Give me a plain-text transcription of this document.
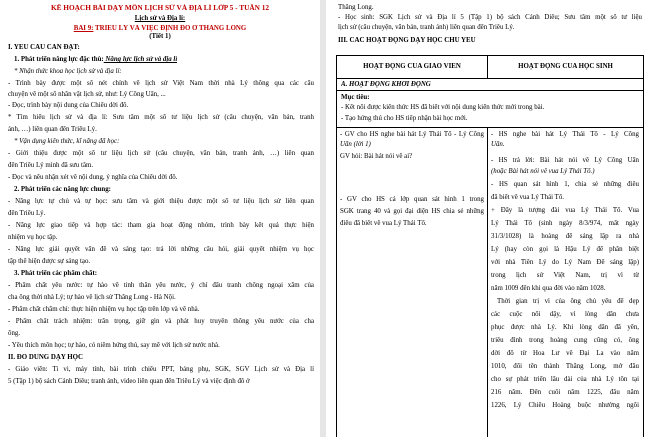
KẾ HOẠCH BÀI DẠY MÔN LỊCH SỬ VÀ ĐỊA LÍ LỚP 5 - TUẦN 12
Lịch sử và Địa lí:
BÀI 9: TRIỀU LÝ VÀ VIỆC ĐỊNH ĐÔ Ở THĂNG LONG
(Tiết 1)
I. YÊU CẦU CẦN ĐẠT:
1. Phát triển năng lực đặc thù: Năng lực lịch sử và địa lí
* Nhận thức khoa học lịch sử và địa lí:
- Trình bày được một số nét chính về lịch sử Việt Nam thời nhà Lý thông qua các câu
chuyện về một số nhân vật lịch sử, như: Lý Công Uẩn, ...
- Đọc, trình bày nội dung của Chiếu dời đô.
* Tìm hiểu lịch sử và địa lí: Sưu tầm một số tư liệu lịch sử (câu chuyện, văn bản, tranh
ảnh, …) liên quan đến Triều Lý.
* Vận dụng kiến thức, kĩ năng đã học:
- Giới thiệu được một số tư liệu lịch sử (câu chuyện, văn bản, tranh ảnh, …) liên quan
đến Triều Lý mình đã sưu tầm.
- Đọc và nêu nhận xét về nội dung, ý nghĩa của Chiếu dời đô.
2. Phát triển các năng lực chung:
- Năng lực tự chủ và tự học: sưu tầm và giới thiệu được một số tư liệu lịch sử liên quan
đến Triều Lý.
- Năng lực giao tiếp và hợp tác: tham gia hoạt động nhóm, trình bày kết quả thực hiện
nhiệm vụ học tập.
- Năng lực giải quyết vấn đề và sáng tạo: trả lời những câu hỏi, giải quyết nhiệm vụ học
tập thể hiện được sự sáng tạo.
3. Phát triển các phẩm chất:
- Phẩm chất yêu nước: tự hào về tinh thần yêu nước, ý chí đấu tranh chống ngoại xâm của
cha ông thời nhà Lý; tự hào về lịch sử Thăng Long - Hà Nội.
- Phẩm chất chăm chỉ: thực hiện nhiệm vụ học tập trên lớp và về nhà.
- Phẩm chất trách nhiệm: trân trọng, giữ gìn và phát huy truyền thống yêu nước của cha
ông.
- Yêu thích môn học; tự hào, có niềm hứng thú, say mê với lịch sử nước nhà.
II. ĐỒ DÙNG DẠY HỌC
- Giáo viên: Ti vi, máy tính, bài trình chiếu PPT, bảng phụ, SGK, SGV Lịch sử và Địa lí
5 (Tập 1) bộ sách Cánh Diều; tranh ảnh, video liên quan đến Triều Lý và việc định đô ở
Thăng Long.
- Học sinh: SGK Lịch sử và Địa lí 5 (Tập 1) bộ sách Cánh Diều; Sưu tầm một số tư liệu
lịch sử (câu chuyện, văn bản, tranh ảnh) liên quan đến Triều Lý.
III. CÁC HOẠT ĐỘNG DẠY HỌC CHỦ YẾU
HOẠT ĐỘNG CỦA GIÁO VIÊN	HOẠT ĐỘNG CỦA HỌC SINH
A. HOẠT ĐỘNG KHỞI ĐỘNG
Mục tiêu:
- Kết nối được kiến thức HS đã biết với nội dung kiến thức mới trong bài.
- Tạo hứng thú cho HS tiếp nhận bài học mới.
- GV cho HS nghe bài hát Lý Thái Tổ - Lý Công
Uẩn (lời 1)
GV hỏi: Bài hát nói về ai?
- GV cho HS cả lớp quan sát hình 1 trong
SGK trang 40 và gọi đại diện HS chia sẻ những
điều đã biết về vua Lý Thái Tổ.
- HS nghe bài hát Lý Thái Tổ - Lý Công
Uẩn.
- HS trả lời: Bài hát nói về Lý Công Uẩn
(hoặc Bài hát nói về vua Lý Thái Tổ.)
- HS quan sát hình 1, chia sẻ những điều
đã biết về vua Lý Thái Tổ.
+ Đây là tượng đài vua Lý Thái Tổ. Vua
Lý Thái Tổ (sinh ngày 8/3/974, mất ngày
31/3/1028) là hoàng đế sáng lập ra nhà
Lý (hay còn gọi là Hậu Lý để phân biệt
với nhà Tiền Lý do Lý Nam Đế sáng lập)
trong lịch sử Việt Nam, trị vì từ
năm 1009 đến khi qua đời vào năm 1028.
Thời gian trị vì của ông chủ yếu để dẹp
các cuộc nổi dậy, vì lòng dân chưa
phục được nhà Lý. Khi lòng dân đã yên,
triều đình trong hoàng cung cũng có, ông
dời đô từ Hoa Lư về Đại La vào năm
1010, đổi tên thành Thăng Long, mở đầu
cho sự phát triển lâu dài của nhà Lý tồn tại
216 năm. Đến cuối năm 1225, đầu năm
1226, Lý Chiêu Hoàng buộc nhường ngôi
